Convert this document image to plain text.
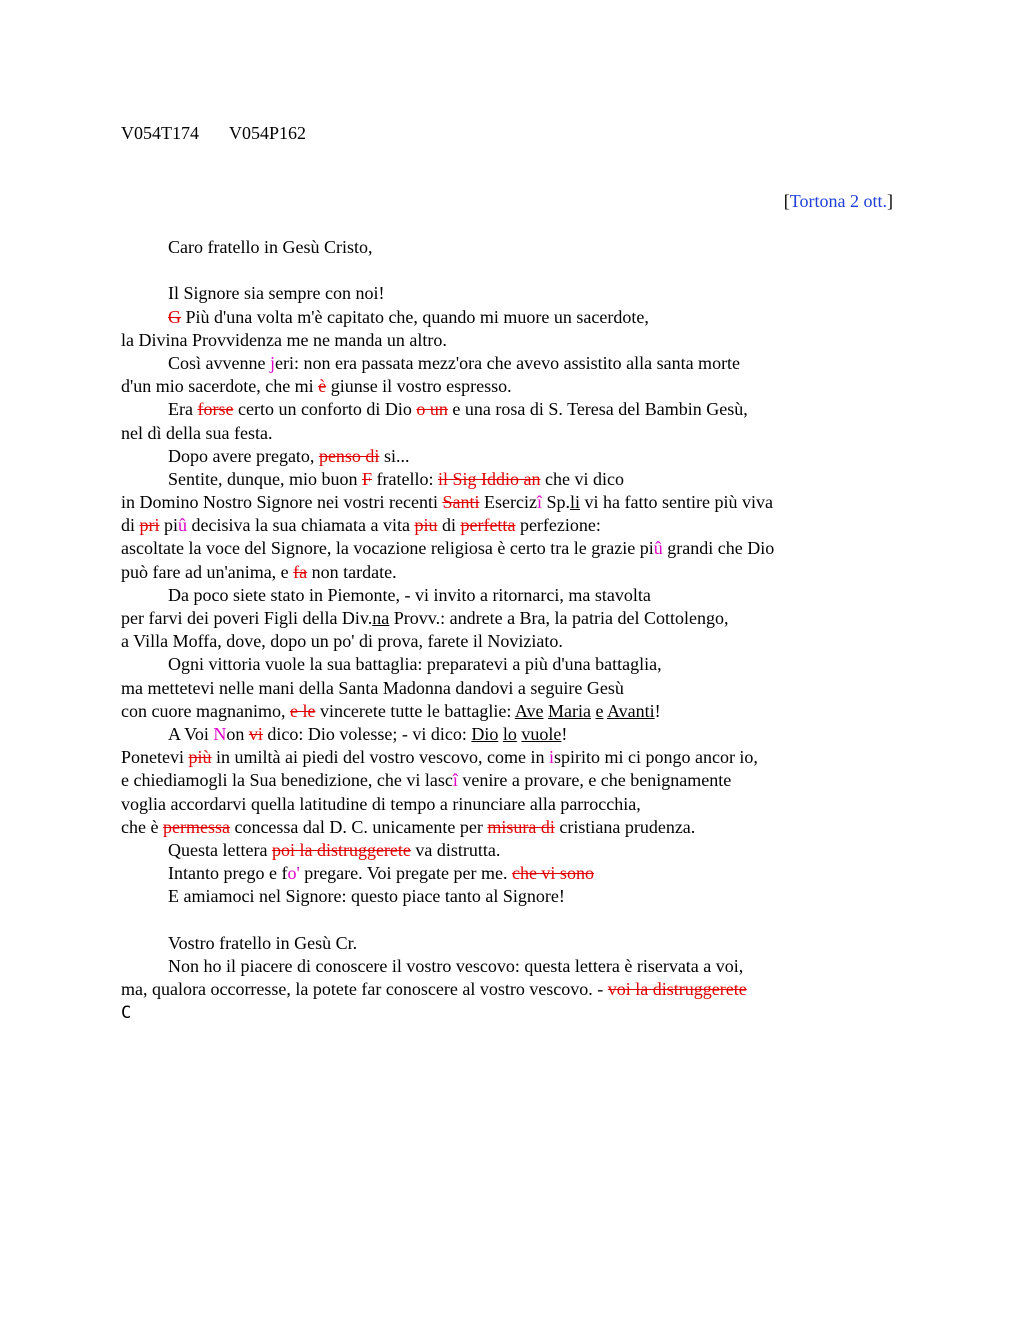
V054T174 V054P162
[Tortona 2 ott.]
Caro fratello in Gesù Cristo,
Il Signore sia sempre con noi!
G Più d'una volta m'è capitato che, quando mi muore un sacerdote,
la Divina Provvidenza me ne manda un altro.
Così avvenne jeri: non era passata mezz'ora che avevo assistito alla santa morte
d'un mio sacerdote, che mi è giunse il vostro espresso.
Era forse certo un conforto di Dio o un e una rosa di S. Teresa del Bambin Gesù,
nel dì della sua festa.
Dopo avere pregato, penso di si...
Sentite, dunque, mio buon F fratello: il Sig Iddio an che vi dico
in Domino Nostro Signore nei vostri recenti Santi Esercizî Sp.li vi ha fatto sentire più viva
di pri piû decisiva la sua chiamata a vita piu di perfetta perfezione:
ascoltate la voce del Signore, la vocazione religiosa è certo tra le grazie piû grandi che Dio
può fare ad un'anima, e fa non tardate.
Da poco siete stato in Piemonte, - vi invito a ritornarci, ma stavolta
per farvi dei poveri Figli della Div.na Provv.: andrete a Bra, la patria del Cottolengo,
a Villa Moffa, dove, dopo un po' di prova, farete il Noviziato.
Ogni vittoria vuole la sua battaglia: preparatevi a più d'una battaglia,
ma mettetevi nelle mani della Santa Madonna dandovi a seguire Gesù
con cuore magnanimo, e le vincerete tutte le battaglie: Ave Maria e Avanti!
A Voi Non vi dico: Dio volesse; - vi dico: Dio lo vuole!
Ponetevi più in umiltà ai piedi del vostro vescovo, come in ispirito mi ci pongo ancor io,
e chiediamogli la Sua benedizione, che vi lascî venire a provare, e che benignamente
voglia accordarvi quella latitudine di tempo a rinunciare alla parrocchia,
che è permessa concessa dal D. C. unicamente per misura di cristiana prudenza.
Questa lettera poi la distruggerete va distrutta.
Intanto prego e fo' pregare. Voi pregate per me. che vi sono
E amiamoci nel Signore: questo piace tanto al Signore!
Vostro fratello in Gesù Cr.
Non ho il piacere di conoscere il vostro vescovo: questa lettera è riservata a voi,
ma, qualora occorresse, la potete far conoscere al vostro vescovo. - voi la distruggerete
C
